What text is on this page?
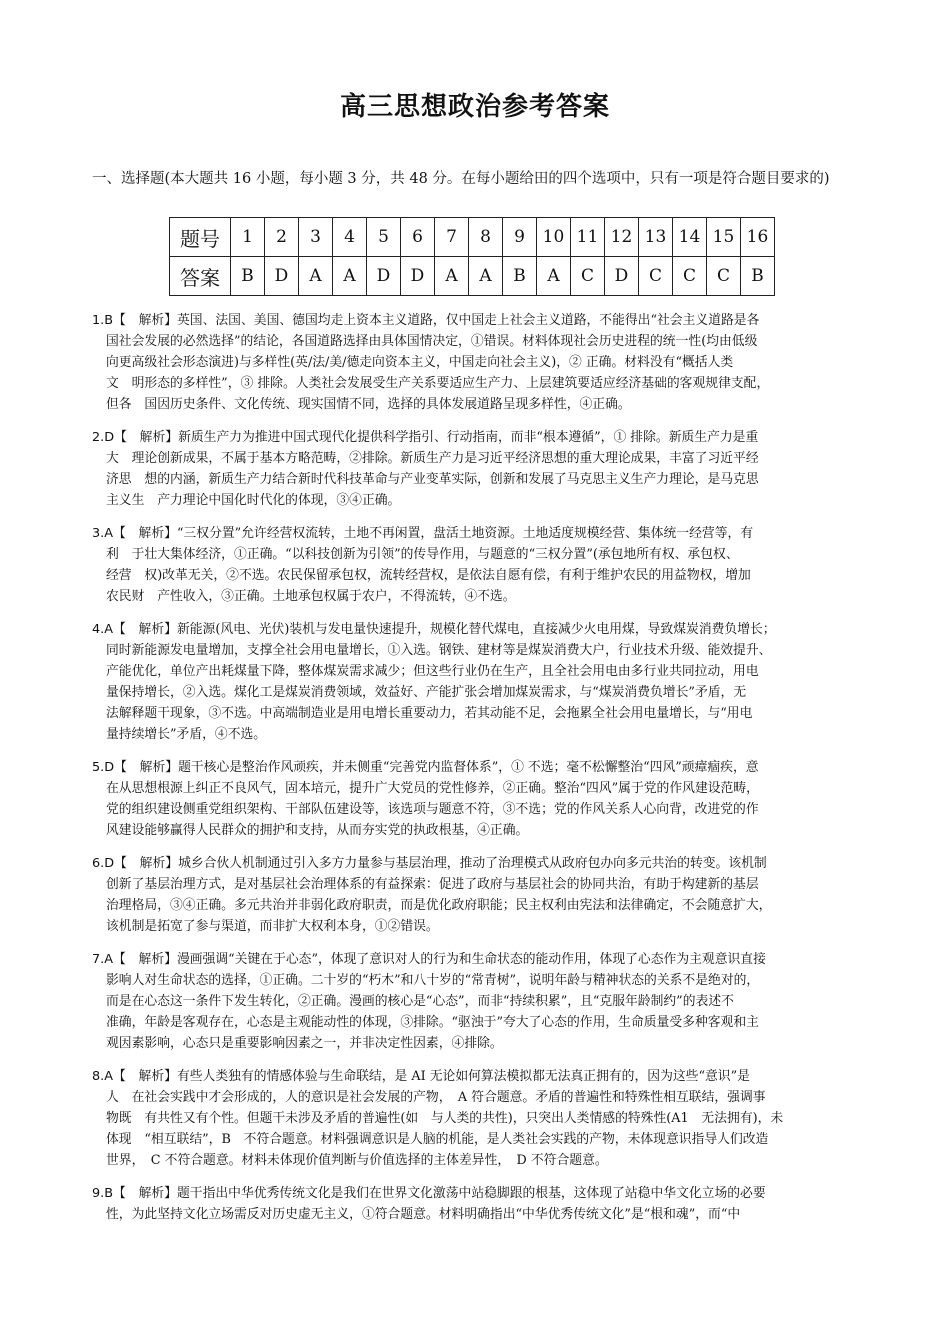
高三思想政治参考答案
一、选择题(本大题共 16 小题，每小题 3 分，共 48 分。在每小题给田的四个选项中，只有一项是符合题目要求的)
题号	1	2	3	4	5	6	7	8	9	10	11	12	13	14	15	16
答案	B	D	A	A	D	D	A	A	B	A	C	D	C	C	C	B
1.B【　解析】英国、法国、美国、德国均走上资本主义道路，仅中国走上社会主义道路，不能得出“社会主义道路是各
国社会发展的必然选择”的结论，各国道路选择由具体国情决定，①错误。材料体现社会历史进程的统一性(均由低级
向更高级社会形态演进)与多样性(英/法/美/德走向资本主义，中国走向社会主义)，② 正确。材料没有“概括人类
文　明形态的多样性”，③ 排除。人类社会发展受生产关系要适应生产力、上层建筑要适应经济基础的客观规律支配，
但各　国因历史条件、文化传统、现实国情不同，选择的具体发展道路呈现多样性，④正确。
2.D【　解析】新质生产力为推进中国式现代化提供科学指引、行动指南，而非“根本遵循”，① 排除。新质生产力是重
大　理论创新成果，不属于基本方略范畴，②排除。新质生产力是习近平经济思想的重大理论成果，丰富了习近平经
济思　想的内涵，新质生产力结合新时代科技革命与产业变革实际，创新和发展了马克思主义生产力理论，是马克思
主义生　产力理论中国化时代化的体现，③④正确。
3.A【　解析】“三权分置”允许经营权流转，土地不再闲置，盘活土地资源。土地适度规模经营、集体统一经营等，有
利　于壮大集体经济，①正确。“以科技创新为引领”的传导作用，与题意的“三权分置”(承包地所有权、承包权、
经营　权)改革无关，②不选。农民保留承包权，流转经营权，是依法自愿有偿，有利于维护农民的用益物权，增加
农民财　产性收入，③正确。土地承包权属于农户，不得流转，④不选。
4.A【　解析】新能源(风电、光伏)装机与发电量快速提升，规模化替代煤电，直接减少火电用煤，导致煤炭消费负增长；
同时新能源发电量增加，支撑全社会用电量增长，①入选。钢铁、建材等是煤炭消费大户，行业技术升级、能效提升、
产能优化，单位产出耗煤量下降，整体煤炭需求减少；但这些行业仍在生产，且全社会用电由多行业共同拉动，用电
量保持增长，②入选。煤化工是煤炭消费领域，效益好、产能扩张会增加煤炭需求，与“煤炭消费负增长”矛盾，无
法解释题干现象，③不选。中高端制造业是用电增长重要动力，若其动能不足，会拖累全社会用电量增长，与“用电
量持续增长”矛盾，④不选。
5.D【　解析】题干核心是整治作风顽疾，并未侧重“完善党内监督体系”，① 不选；毫不松懈整治“四风”顽瘴痼疾，意
在从思想根源上纠正不良风气，固本培元，提升广大党员的党性修养，②正确。整治“四风”属于党的作风建设范畴，
党的组织建设侧重党组织架构、干部队伍建设等，该选项与题意不符，③不选；党的作风关系人心向背，改进党的作
风建设能够赢得人民群众的拥护和支持，从而夯实党的执政根基，④正确。
6.D【　解析】城乡合伙人机制通过引入多方力量参与基层治理，推动了治理模式从政府包办向多元共治的转变。该机制
创新了基层治理方式，是对基层社会治理体系的有益探索：促进了政府与基层社会的协同共治，有助于构建新的基层
治理格局，③④正确。多元共治并非弱化政府职责，而是优化政府职能；民主权利由宪法和法律确定，不会随意扩大，
该机制是拓宽了参与渠道，而非扩大权利本身，①②错误。
7.A【　解析】漫画强调“关键在于心态”，体现了意识对人的行为和生命状态的能动作用，体现了心态作为主观意识直接
影响人对生命状态的选择，①正确。二十岁的“朽木”和八十岁的“常青树”，说明年龄与精神状态的关系不是绝对的，
而是在心态这一条件下发生转化，②正确。漫画的核心是“心态”，而非“持续积累”，且“克服年龄制约”的表述不
准确，年龄是客观存在，心态是主观能动性的体现，③排除。“驱浊于”夸大了心态的作用，生命质量受多种客观和主
观因素影响，心态只是重要影响因素之一，并非决定性因素，④排除。
8.A【　解析】有些人类独有的情感体验与生命联结，是 AI 无论如何算法模拟都无法真正拥有的，因为这些“意识”是
人　在社会实践中才会形成的，人的意识是社会发展的产物，　A 符合题意。矛盾的普遍性和特殊性相互联结，强调事
物既　有共性又有个性。但题干未涉及矛盾的普遍性(如　与人类的共性)，只突出人类情感的特殊性(A1　无法拥有)，未
体现　“相互联结”，B　不符合题意。材料强调意识是人脑的机能，是人类社会实践的产物，未体现意识指导人们改造
世界，　C 不符合题意。材料未体现价值判断与价值选择的主体差异性，　D 不符合题意。
9.B【　解析】题干指出中华优秀传统文化是我们在世界文化激荡中站稳脚跟的根基，这体现了站稳中华文化立场的必要
性，为此坚持文化立场需反对历史虚无主义，①符合题意。材料明确指出“中华优秀传统文化”是“根和魂”，而“中
